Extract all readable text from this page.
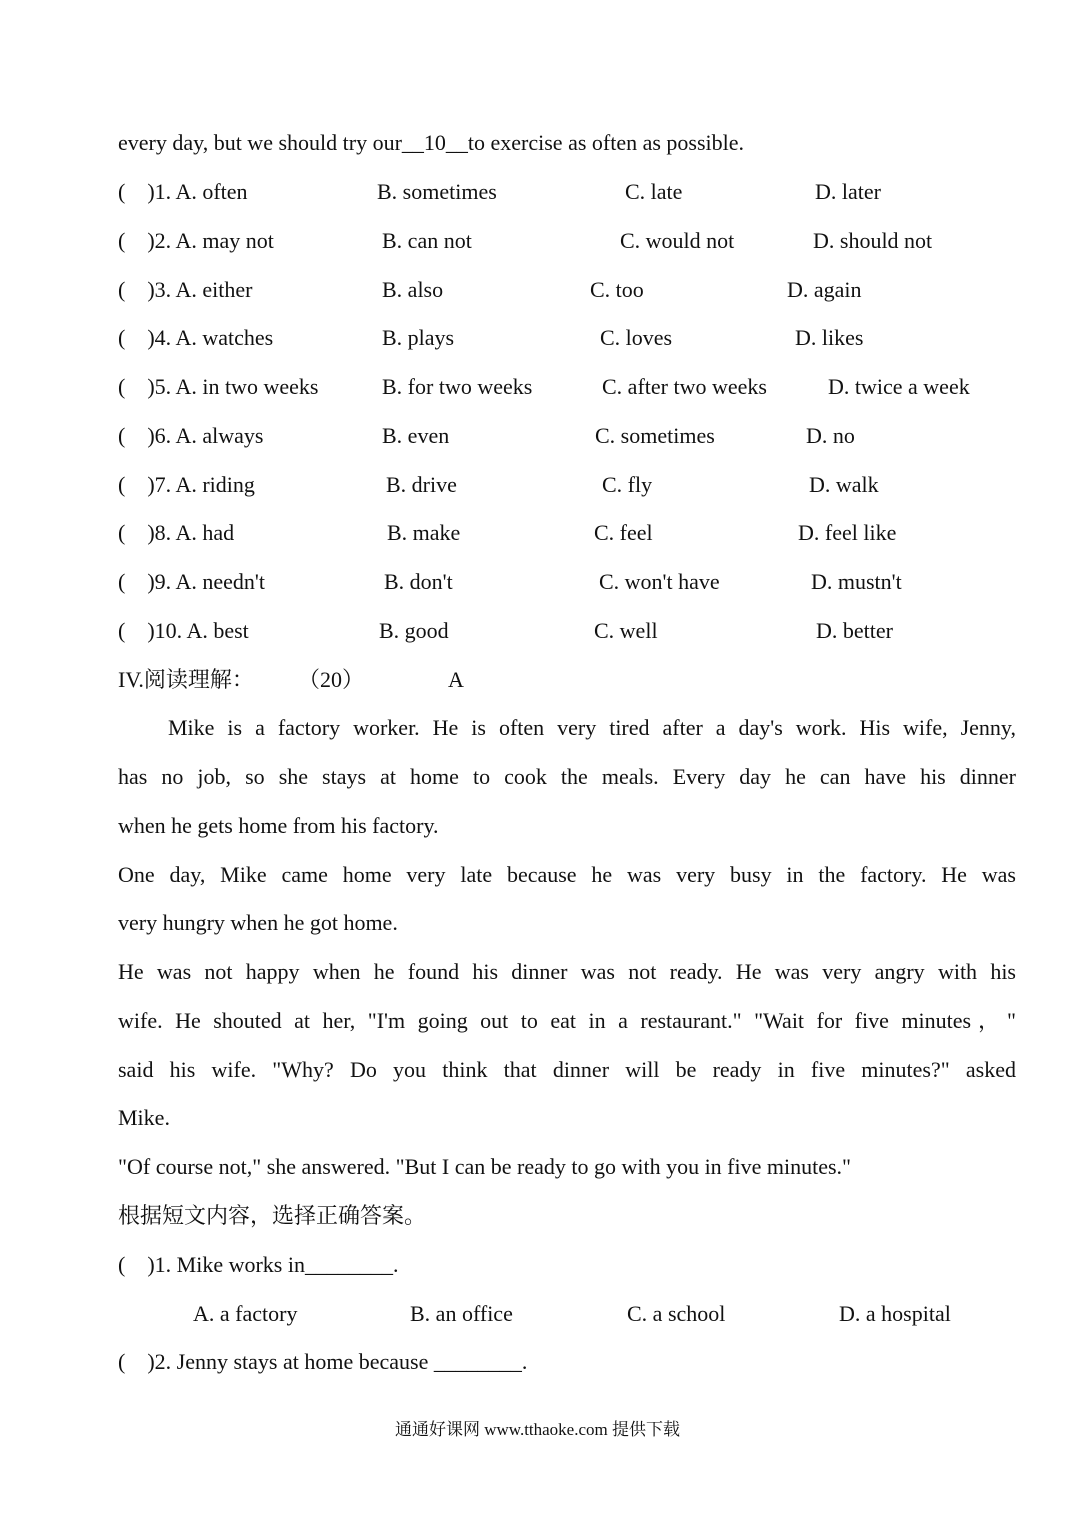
every day, but we should try our__10__to exercise as often as possible.
(    )1. A. often	B. sometimes	C. late	D. later
(    )2. A. may not	B. can not	C. would not	D. should not
(    )3. A. either	B. also	C. too	D. again
(    )4. A. watches	B. plays	C. loves	D. likes
(    )5. A. in two weeks	B. for two weeks	C. after two weeks	D. twice a week
(    )6. A. always	B. even	C. sometimes	D. no
(    )7. A. riding	B. drive	C. fly	D. walk
(    )8. A. had	B. make	C. feel	D. feel like
(    )9. A. needn't	B. don't	C. won't have	D. mustn't
(    )10. A. best	B. good	C. well	D. better
IV.阅读理解： （20）	A
Mike is a factory worker. He is often very tired after a day's work. His wife, Jenny,
has no job, so she stays at home to cook the meals. Every day he can have his dinner
when he gets home from his factory.
One day, Mike came home very late because he was very busy in the factory. He was
very hungry when he got home.
He was not happy when he found his dinner was not ready. He was very angry with his
wife. He shouted at her, "I'm going out to eat in a restaurant." "Wait for five minutes，"
said his wife. "Why? Do you think that dinner will be ready in five minutes?" asked
Mike.
"Of course not," she answered. "But I can be ready to go with you in five minutes."
根据短文内容，选择正确答案。
(    )1. Mike works in________.
A. a factory	B. an office	C. a school	D. a hospital
(    )2. Jenny stays at home because ________.
通通好课网 www.tthaoke.com 提供下载
